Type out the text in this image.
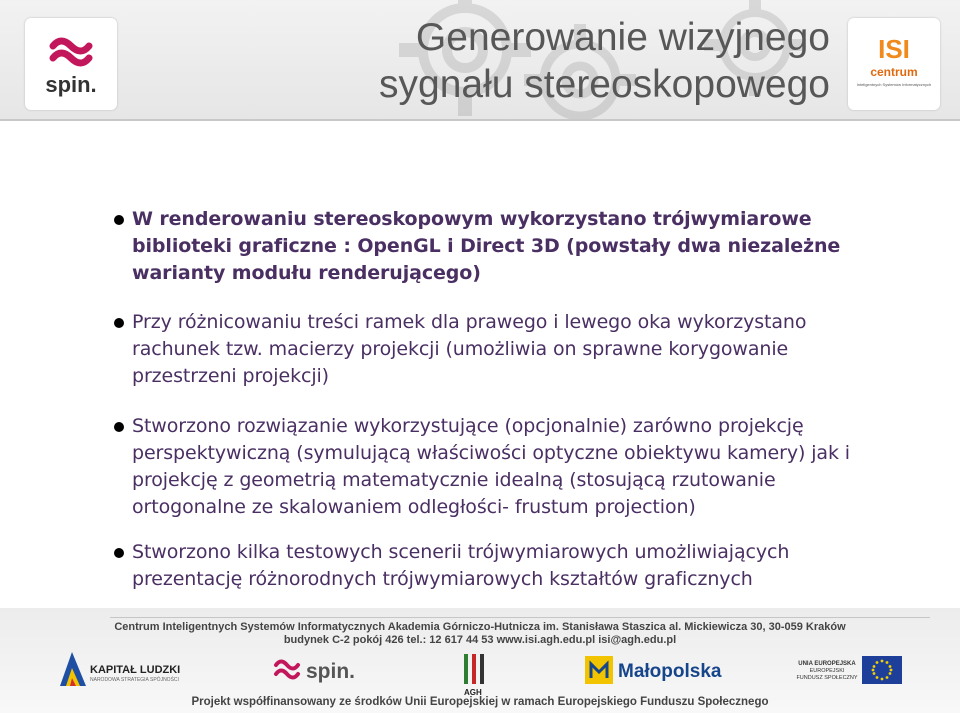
spin.
Generowanie wizyjnego
sygnału stereoskopowego
ISI
centrum
Inteligentnych Systemów Informatycznych
W renderowaniu stereoskopowym wykorzystano trójwymiarowe biblioteki graficzne : OpenGL i Direct 3D (powstały dwa niezależne warianty modułu renderującego)
Przy różnicowaniu treści ramek dla prawego i lewego oka wykorzystano rachunek tzw. macierzy projekcji (umożliwia on sprawne korygowanie przestrzeni projekcji)
Stworzono rozwiązanie wykorzystujące (opcjonalnie) zarówno projekcję perspektywiczną (symulującą właściwości optyczne obiektywu kamery) jak i projekcję z geometrią matematycznie idealną (stosującą rzutowanie ortogonalne ze skalowaniem odległości- frustum projection)
Stworzono kilka testowych scenerii trójwymiarowych umożliwiających prezentację różnorodnych trójwymiarowych kształtów graficznych
Centrum Inteligentnych Systemów Informatycznych Akademia Górniczo-Hutnicza im. Stanisława Staszica al. Mickiewicza 30, 30-059 Kraków
budynek C-2 pokój 426 tel.: 12 617 44 53 www.isi.agh.edu.pl isi@agh.edu.pl
KAPITAŁ LUDZKI
NARODOWA STRATEGIA SPÓJNOŚCI	spin.
AGH
Małopolska	UNIA EUROPEJSKA
EUROPEJSKI
FUNDUSZ SPOŁECZNY
Projekt współfinansowany ze środków Unii Europejskiej w ramach Europejskiego Funduszu Społecznego
